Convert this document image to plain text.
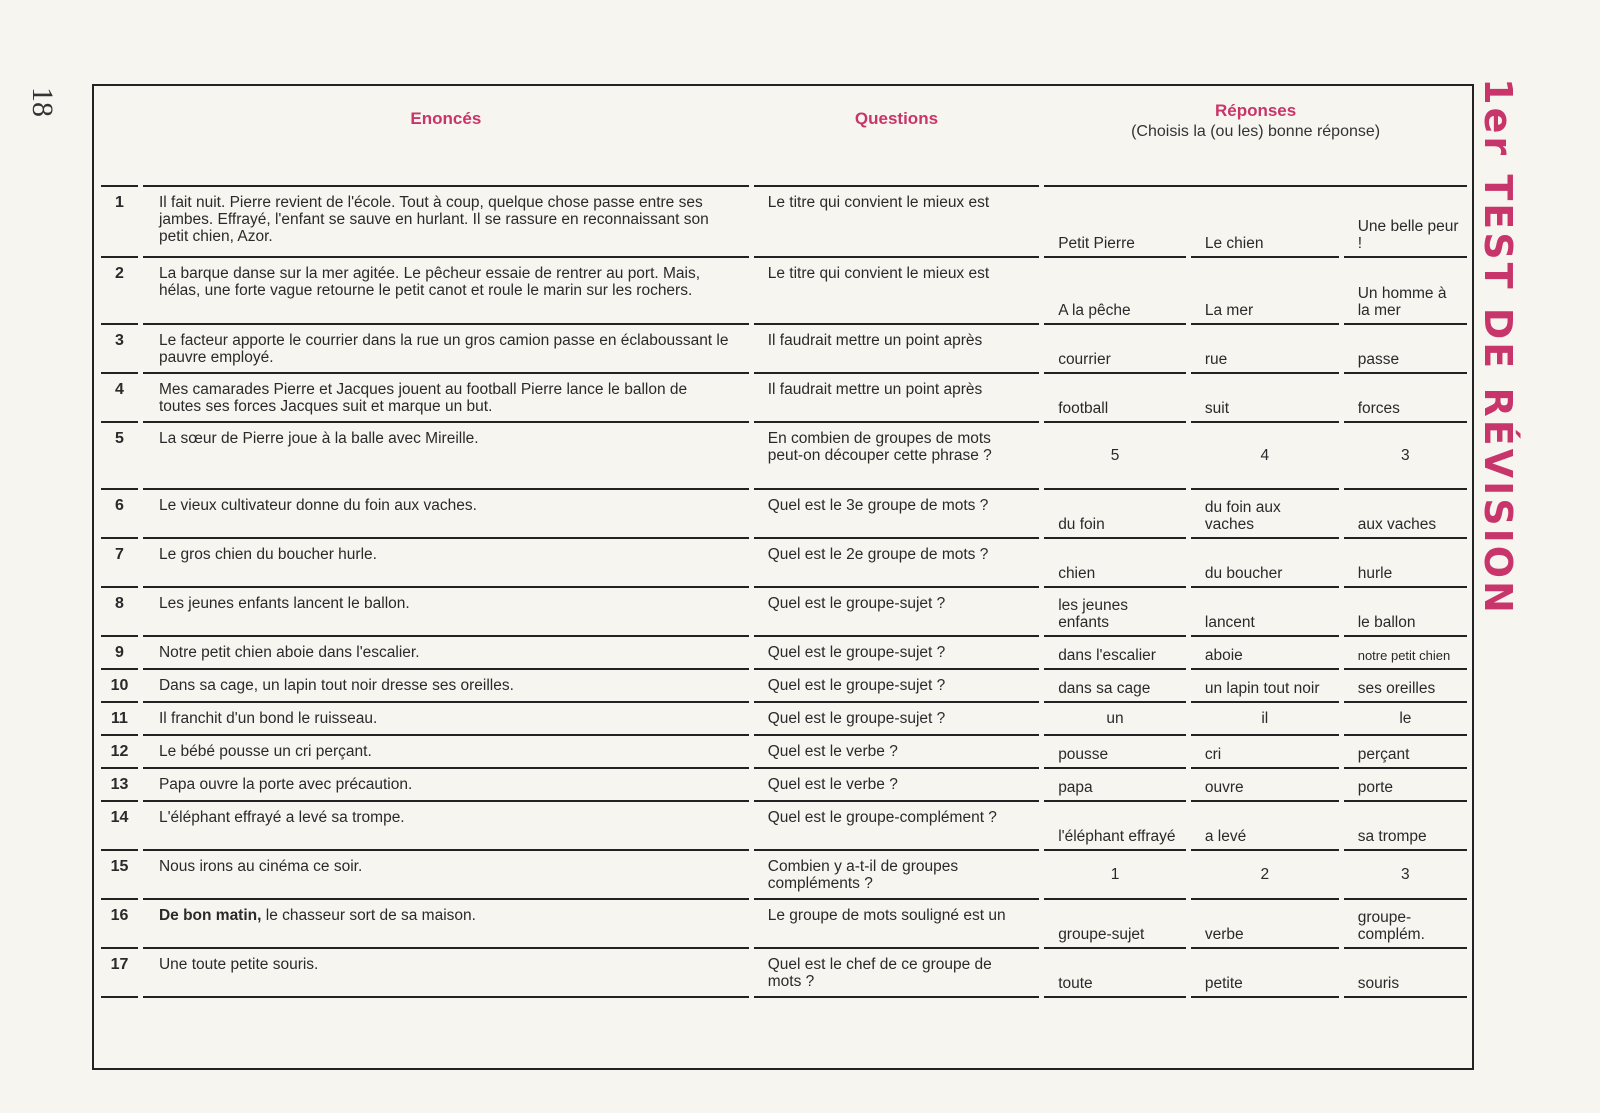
18	1er TEST DE RÉVISION
	Enoncés	Questions	Réponses
(Choisis la (ou les) bonne réponse)		

1	Il fait nuit. Pierre revient de l'école. Tout à coup, quelque chose passe entre ses jambes. Effrayé, l'enfant se sauve en hurlant. Il se rassure en reconnaissant son petit chien, Azor.	Le titre qui convient le mieux est	Petit Pierre	Le chien	Une belle peur !
2	La barque danse sur la mer agitée. Le pêcheur essaie de rentrer au port. Mais, hélas, une forte vague retourne le petit canot et roule le marin sur les rochers.	Le titre qui convient le mieux est	A la pêche	La mer	Un homme à la mer
3	Le facteur apporte le courrier dans la rue un gros camion passe en éclaboussant le pauvre employé.	Il faudrait mettre un point après	courrier	rue	passe
4	Mes camarades Pierre et Jacques jouent au football Pierre lance le ballon de toutes ses forces Jacques suit et marque un but.	Il faudrait mettre un point après	football	suit	forces
5	La sœur de Pierre joue à la balle avec Mireille.	En combien de groupes de mots peut-on découper cette phrase ?	5	4	3
6	Le vieux cultivateur donne du foin aux vaches.	Quel est le 3e groupe de mots ?	du foin	du foin aux vaches	aux vaches
7	Le gros chien du boucher hurle.	Quel est le 2e groupe de mots ?	chien	du boucher	hurle
8	Les jeunes enfants lancent le ballon.	Quel est le groupe-sujet ?	les jeunes enfants	lancent	le ballon
9	Notre petit chien aboie dans l'escalier.	Quel est le groupe-sujet ?	dans l'escalier	aboie	notre petit chien
10	Dans sa cage, un lapin tout noir dresse ses oreilles.	Quel est le groupe-sujet ?	dans sa cage	un lapin tout noir	ses oreilles
11	Il franchit d'un bond le ruisseau.	Quel est le groupe-sujet ?	un	il	le
12	Le bébé pousse un cri perçant.	Quel est le verbe ?	pousse	cri	perçant
13	Papa ouvre la porte avec précaution.	Quel est le verbe ?	papa	ouvre	porte
14	L'éléphant effrayé a levé sa trompe.	Quel est le groupe-complément ?	l'éléphant effrayé	a levé	sa trompe
15	Nous irons au cinéma ce soir.	Combien y a-t-il de groupes compléments ?	1	2	3
16	De bon matin, le chasseur sort de sa maison.	Le groupe de mots souligné est un	groupe-sujet	verbe	groupe-complém.
17	Une toute petite souris.	Quel est le chef de ce groupe de mots ?	toute	petite	souris
